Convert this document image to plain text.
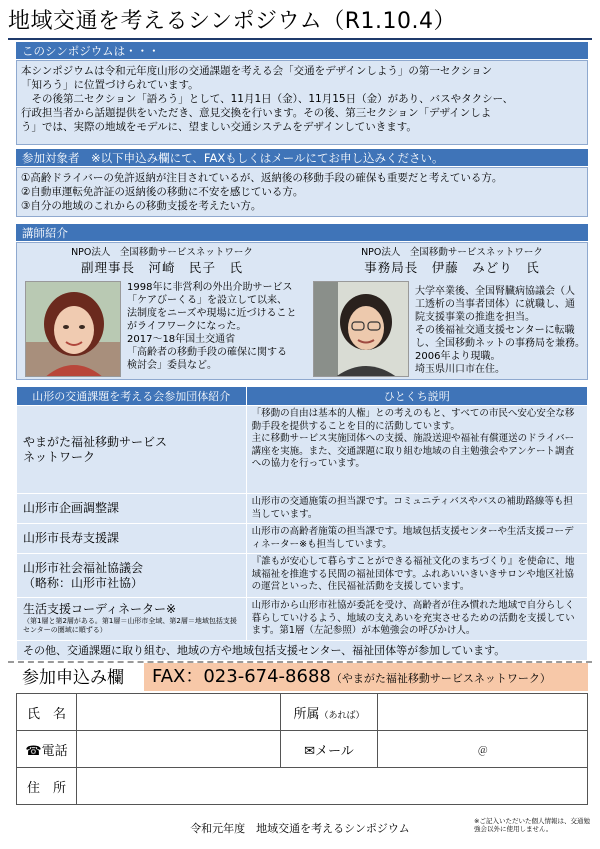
地域交通を考えるシンポジウム（R1.10.4）
このシンポジウムは・・・

本シンポジウムは令和元年度山形の交通課題を考える会「交通をデザインしよう」の第一セクション

「知ろう」に位置づけられています。

　その後第二セクション「語ろう」として、11月1日（金）、11月15日（金）があり、バスやタクシー、

行政担当者から話題提供をいただき、意見交換を行います。その後、第三セクション「デザインしよ

う」では、実際の地域をモデルに、望ましい交通システムをデザインしていきます。

参加対象者　※以下申込み欄にて、FAXもしくはメールにてお申し込みください。

①高齢ドライバーの免許返納が注目されているが、返納後の移動手段の確保も重要だと考えている方。

②自動車運転免許証の返納後の移動に不安を感じている方。

③自分の地域のこれからの移動支援を考えたい方。

講師紹介
NPO法人　全国移動サービスネットワーク
副理事長　河崎　民子　氏
1998年に非営利の外出介助サービス
「ケアびーくる」を設立して以来、
法制度をニーズや現場に近づけること
がライフワークになった。
2017～18年国土交通省
「高齢者の移動手段の確保に関する
検討会」委員など。
NPO法人　全国移動サービスネットワーク
事務局長　伊藤　みどり　氏
大学卒業後、全国腎臓病協議会（人
工透析の当事者団体）に就職し、通
院支援事業の推進を担当。
その後福祉交通支援センターに転職
し、全国移動ネットの事務局を兼務。
2006年より現職。
埼玉県川口市在住。
山形の交通課題を考える会参加団体紹介	ひとくち説明
やまがた福祉移動サービス
ネットワーク	「移動の自由は基本的人権」との考えのもと、すべての市民へ安心安全な移動手段を提供することを目的に活動しています。
主に移動サービス実施団体への支援、施設送迎や福祉有償運送のドライバー講座を実施。また、交通課題に取り組む地域の自主勉強会やアンケート調査への協力を行っています。
山形市企画調整課	山形市の交通施策の担当課です。コミュニティバスやバスの補助路線等も担当しています。
山形市長寿支援課	山形市の高齢者施策の担当課です。地域包括支援センターや生活支援コーディネーター※も担当しています。
山形市社会福祉協議会
（略称：山形市社協）	『誰もが安心して暮らすことができる福祉文化のまちづくり』を使命に、地域福祉を推進する民間の福祉団体です。ふれあいいきいきサロンや地区社協の運営といった、住民福祉活動を支援しています。
生活支援コーディネーター※
（第1層と第2層がある。第1層＝山形市全域、第2層＝地域包括支援センターの圏域に順ずる）	山形市から山形市社協が委託を受け、高齢者が住み慣れた地域で自分らしく暮らしていけるよう、地域の支えあいを充実させるための活動を支援しています。第1層（左記参照）が本勉強会の呼びかけ人。
その他、交通課題に取り組む、地域の方や地域包括支援センター、福祉団体等が参加しています。	
参加申込み欄	FAX：023-674-8688（やまがた福祉移動サービスネットワーク）
氏　名		所属（あれば）	
☎電話		✉メール	＠
住　所			
令和元年度　地域交通を考えるシンポジウム
※ご記入いただいた個人情報は、交通勉強会以外に使用しません。
